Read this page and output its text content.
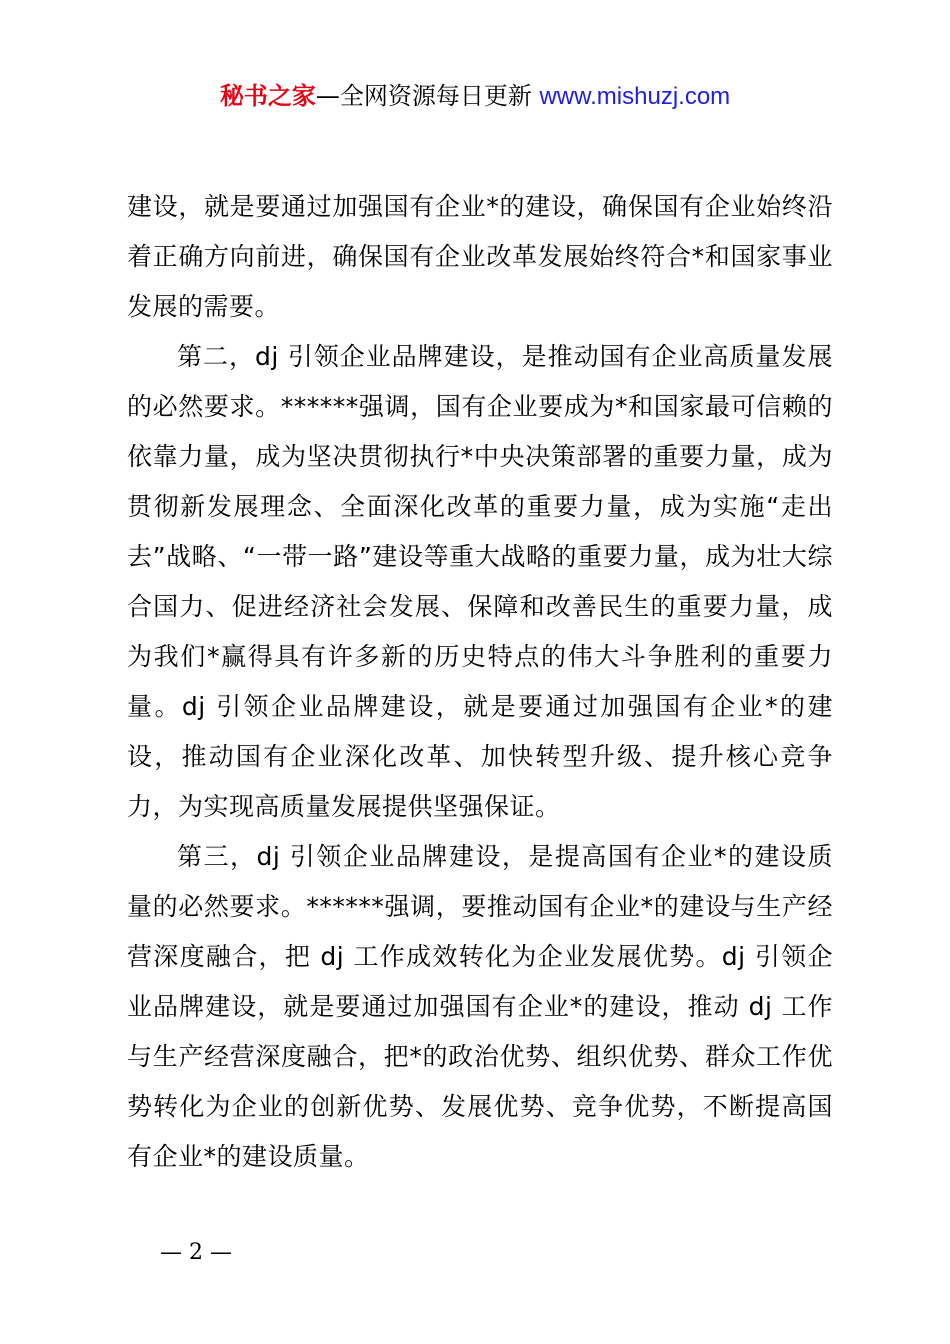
秘书之家—全网资源每日更新 www.mishuzj.com

建设，就是要通过加强国有企业*的建设，确保国有企业始终沿着正确方向前进，确保国有企业改革发展始终符合*和国家事业发展的需要。

第二，dj 引领企业品牌建设，是推动国有企业高质量发展的必然要求。******强调，国有企业要成为*和国家最可信赖的依靠力量，成为坚决贯彻执行*中央决策部署的重要力量，成为贯彻新发展理念、全面深化改革的重要力量，成为实施“走出去”战略、“一带一路”建设等重大战略的重要力量，成为壮大综合国力、促进经济社会发展、保障和改善民生的重要力量，成为我们*赢得具有许多新的历史特点的伟大斗争胜利的重要力量。dj 引领企业品牌建设，就是要通过加强国有企业*的建设，推动国有企业深化改革、加快转型升级、提升核心竞争力，为实现高质量发展提供坚强保证。

第三，dj 引领企业品牌建设，是提高国有企业*的建设质量的必然要求。******强调，要推动国有企业*的建设与生产经营深度融合，把 dj 工作成效转化为企业发展优势。dj 引领企业品牌建设，就是要通过加强国有企业*的建设，推动 dj 工作与生产经营深度融合，把*的政治优势、组织优势、群众工作优势转化为企业的创新优势、发展优势、竞争优势，不断提高国有企业*的建设质量。

— 2 —
